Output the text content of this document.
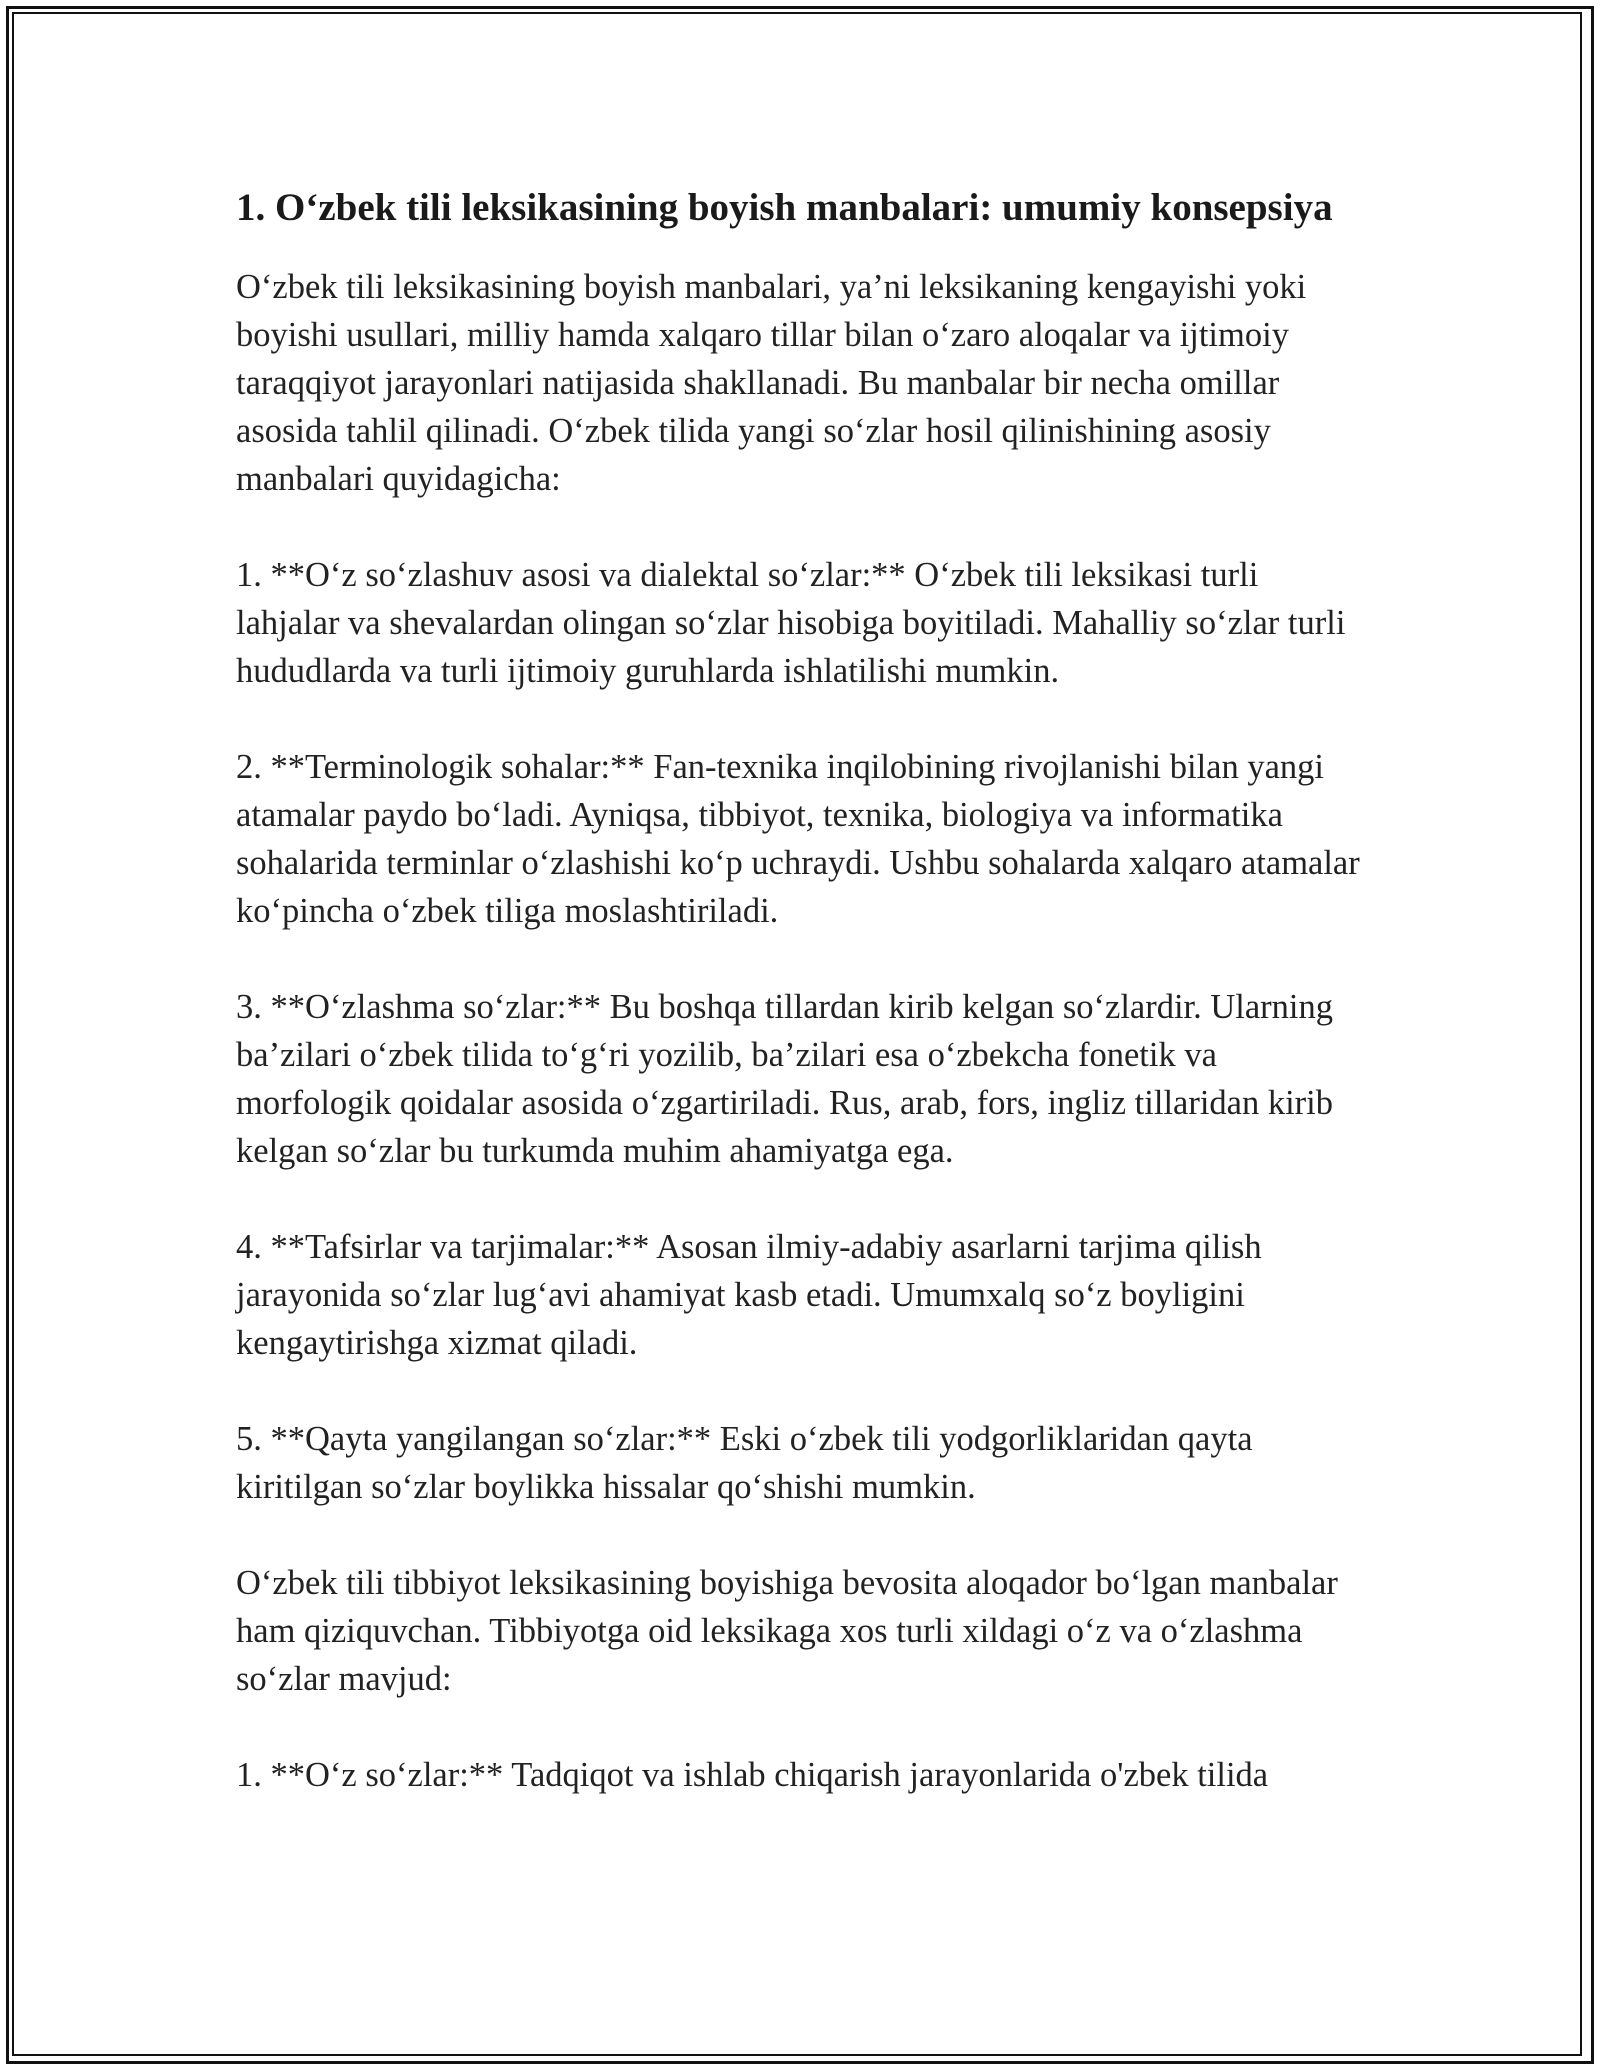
1. O‘zbek tili leksikasining boyish manbalari: umumiy konsepsiya

O‘zbek tili leksikasining boyish manbalari, ya’ni leksikaning kengayishi yoki boyishi usullari, milliy hamda xalqaro tillar bilan o‘zaro aloqalar va ijtimoiy taraqqiyot jarayonlari natijasida shakllanadi. Bu manbalar bir necha omillar asosida tahlil qilinadi. O‘zbek tilida yangi so‘zlar hosil qilinishining asosiy manbalari quyidagicha:

1. **O‘z so‘zlashuv asosi va dialektal so‘zlar:** O‘zbek tili leksikasi turli lahjalar va shevalardan olingan so‘zlar hisobiga boyitiladi. Mahalliy so‘zlar turli hududlarda va turli ijtimoiy guruhlarda ishlatilishi mumkin.

2. **Terminologik sohalar:** Fan-texnika inqilobining rivojlanishi bilan yangi atamalar paydo bo‘ladi. Ayniqsa, tibbiyot, texnika, biologiya va informatika sohalarida terminlar o‘zlashishi ko‘p uchraydi. Ushbu sohalarda xalqaro atamalar ko‘pincha o‘zbek tiliga moslashtiriladi.

3. **O‘zlashma so‘zlar:** Bu boshqa tillardan kirib kelgan so‘zlardir. Ularning ba’zilari o‘zbek tilida to‘g‘ri yozilib, ba’zilari esa o‘zbekcha fonetik va morfologik qoidalar asosida o‘zgartiriladi. Rus, arab, fors, ingliz tillaridan kirib kelgan so‘zlar bu turkumda muhim ahamiyatga ega.

4. **Tafsirlar va tarjimalar:** Asosan ilmiy-adabiy asarlarni tarjima qilish jarayonida so‘zlar lug‘avi ahamiyat kasb etadi. Umumxalq so‘z boyligini kengaytirishga xizmat qiladi.

5. **Qayta yangilangan so‘zlar:** Eski o‘zbek tili yodgorliklaridan qayta kiritilgan so‘zlar boylikka hissalar qo‘shishi mumkin.

O‘zbek tili tibbiyot leksikasining boyishiga bevosita aloqador bo‘lgan manbalar ham qiziquvchan. Tibbiyotga oid leksikaga xos turli xildagi o‘z va o‘zlashma so‘zlar mavjud:

1. **O‘z so‘zlar:** Tadqiqot va ishlab chiqarish jarayonlarida o'zbek tilida
